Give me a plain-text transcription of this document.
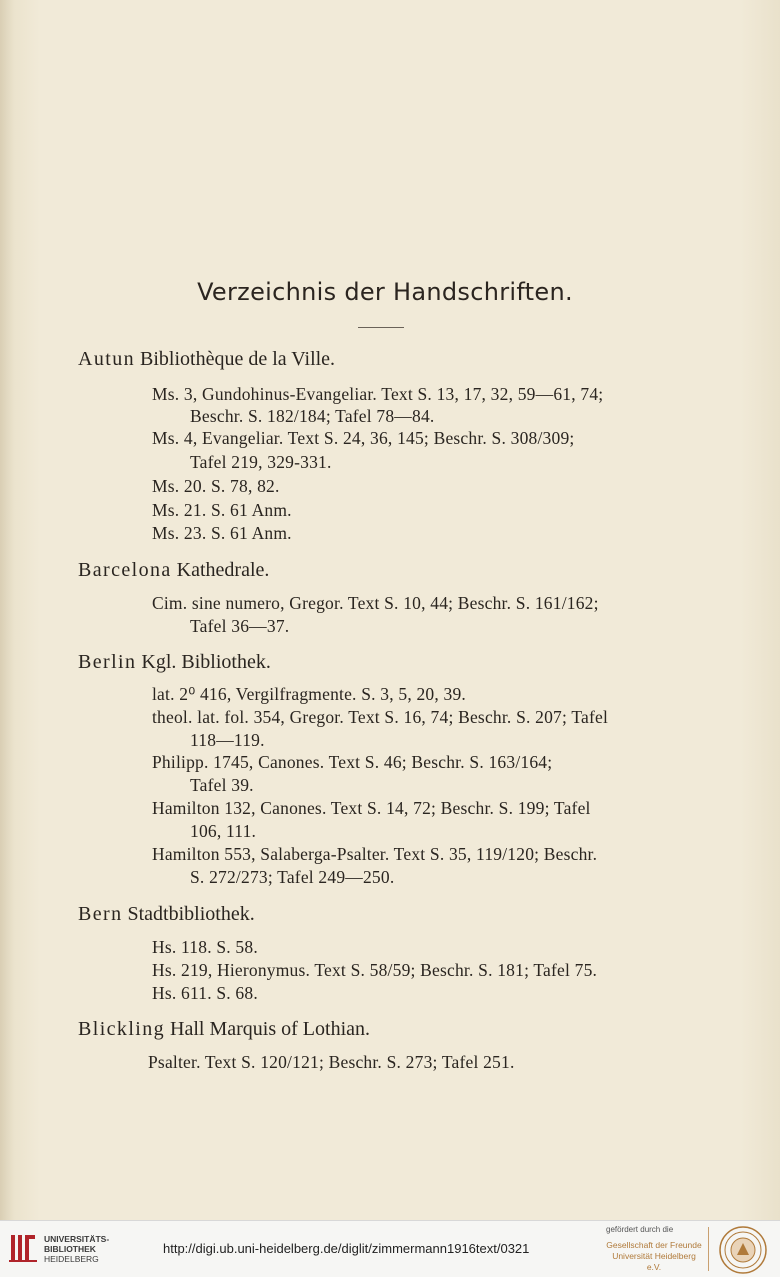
Verzeichnis der Handschriften.
Autun Bibliothèque de la Ville.
Ms. 3, Gundohinus-Evangeliar. Text S. 13, 17, 32, 59—61, 74;
Beschr. S. 182/184; Tafel 78—84.
Ms. 4, Evangeliar. Text S. 24, 36, 145; Beschr. S. 308/309;
Tafel 219, 329-331.
Ms. 20. S. 78, 82.
Ms. 21. S. 61 Anm.
Ms. 23. S. 61 Anm.
Barcelona Kathedrale.
Cim. sine numero, Gregor. Text S. 10, 44; Beschr. S. 161/162;
Tafel 36—37.
Berlin Kgl. Bibliothek.
lat. 2⁰ 416, Vergilfragmente. S. 3, 5, 20, 39.
theol. lat. fol. 354, Gregor. Text S. 16, 74; Beschr. S. 207; Tafel
118—119.
Philipp. 1745, Canones. Text S. 46; Beschr. S. 163/164;
Tafel 39.
Hamilton 132, Canones. Text S. 14, 72; Beschr. S. 199; Tafel
106, 111.
Hamilton 553, Salaberga-Psalter. Text S. 35, 119/120; Beschr.
S. 272/273; Tafel 249—250.
Bern Stadtbibliothek.
Hs. 118. S. 58.
Hs. 219, Hieronymus. Text S. 58/59; Beschr. S. 181; Tafel 75.
Hs. 611. S. 68.
Blickling Hall Marquis of Lothian.
Psalter. Text S. 120/121; Beschr. S. 273; Tafel 251.
UNIVERSITÄTS-
BIBLIOTHEK
HEIDELBERG
http://digi.ub.uni-heidelberg.de/diglit/zimmermann1916text/0321
gefördert durch die
Gesellschaft der Freunde
Universität Heidelberg e.V.
